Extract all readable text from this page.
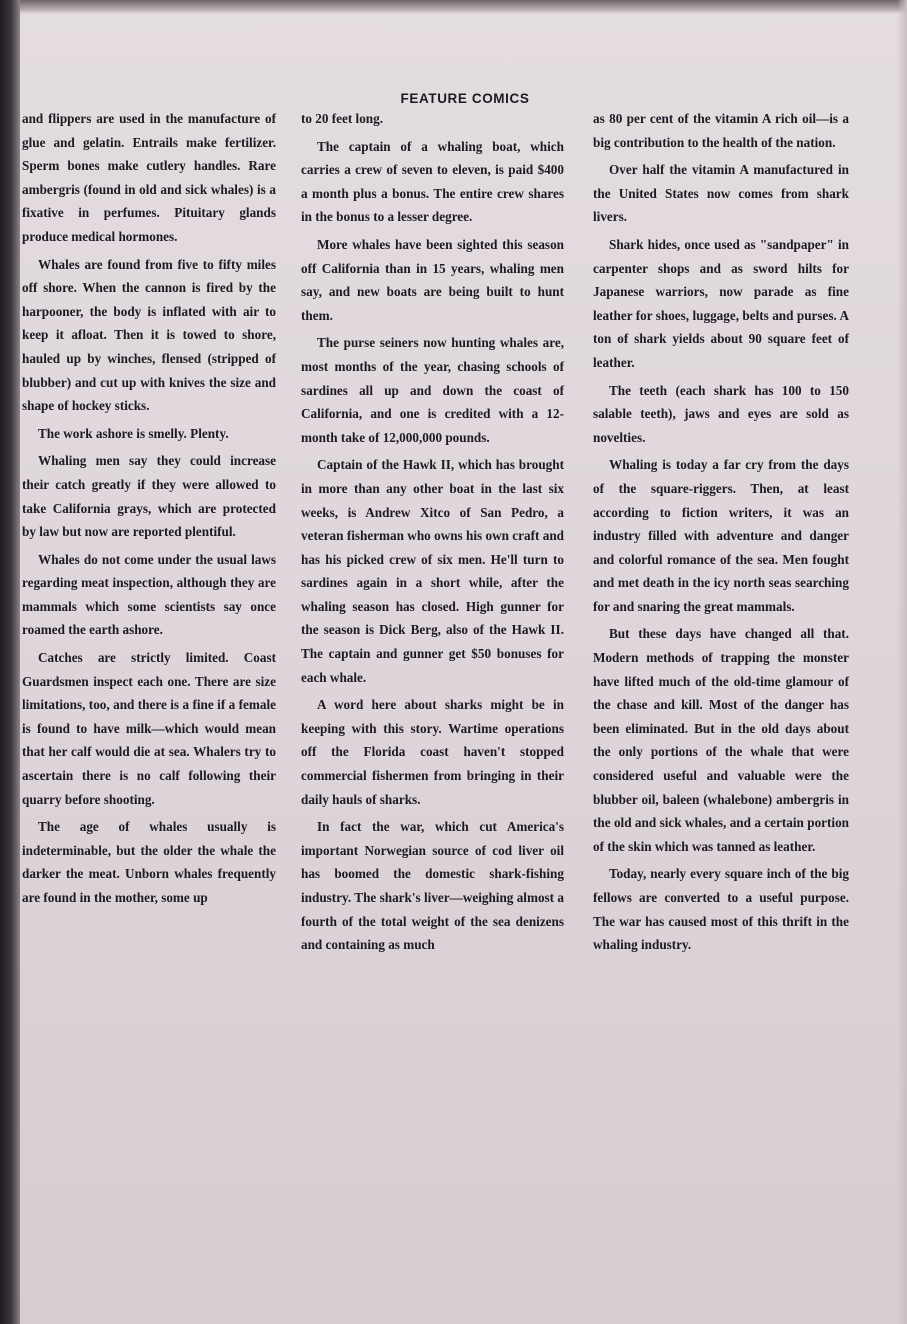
FEATURE COMICS

and flippers are used in the manufacture of glue and gelatin. Entrails make fertilizer. Sperm bones make cutlery handles. Rare ambergris (found in old and sick whales) is a fixative in perfumes. Pituitary glands produce medical hormones.

Whales are found from five to fifty miles off shore. When the cannon is fired by the harpooner, the body is inflated with air to keep it afloat. Then it is towed to shore, hauled up by winches, flensed (stripped of blubber) and cut up with knives the size and shape of hockey sticks.

The work ashore is smelly. Plenty.

Whaling men say they could increase their catch greatly if they were allowed to take California grays, which are protected by law but now are reported plentiful.

Whales do not come under the usual laws regarding meat inspection, although they are mammals which some scientists say once roamed the earth ashore.

Catches are strictly limited. Coast Guardsmen inspect each one. There are size limitations, too, and there is a fine if a female is found to have milk—which would mean that her calf would die at sea. Whalers try to ascertain there is no calf following their quarry before shooting.

The age of whales usually is indeterminable, but the older the whale the darker the meat. Unborn whales frequently are found in the mother, some up

to 20 feet long.

The captain of a whaling boat, which carries a crew of seven to eleven, is paid $400 a month plus a bonus. The entire crew shares in the bonus to a lesser degree.

More whales have been sighted this season off California than in 15 years, whaling men say, and new boats are being built to hunt them.

The purse seiners now hunting whales are, most months of the year, chasing schools of sardines all up and down the coast of California, and one is credited with a 12-month take of 12,000,000 pounds.

Captain of the Hawk II, which has brought in more than any other boat in the last six weeks, is Andrew Xitco of San Pedro, a veteran fisherman who owns his own craft and has his picked crew of six men. He'll turn to sardines again in a short while, after the whaling season has closed. High gunner for the season is Dick Berg, also of the Hawk II. The captain and gunner get $50 bonuses for each whale.

A word here about sharks might be in keeping with this story. Wartime operations off the Florida coast haven't stopped commercial fishermen from bringing in their daily hauls of sharks.

In fact the war, which cut America's important Norwegian source of cod liver oil has boomed the domestic shark-fishing industry. The shark's liver—weighing almost a fourth of the total weight of the sea denizens and containing as much

as 80 per cent of the vitamin A rich oil—is a big contribution to the health of the nation.

Over half the vitamin A manufactured in the United States now comes from shark livers.

Shark hides, once used as "sandpaper" in carpenter shops and as sword hilts for Japanese warriors, now parade as fine leather for shoes, luggage, belts and purses. A ton of shark yields about 90 square feet of leather.

The teeth (each shark has 100 to 150 salable teeth), jaws and eyes are sold as novelties.

Whaling is today a far cry from the days of the square-riggers. Then, at least according to fiction writers, it was an industry filled with adventure and danger and colorful romance of the sea. Men fought and met death in the icy north seas searching for and snaring the great mammals.

But these days have changed all that. Modern methods of trapping the monster have lifted much of the old-time glamour of the chase and kill. Most of the danger has been eliminated. But in the old days about the only portions of the whale that were considered useful and valuable were the blubber oil, baleen (whalebone) ambergris in the old and sick whales, and a certain portion of the skin which was tanned as leather.

Today, nearly every square inch of the big fellows are converted to a useful purpose. The war has caused most of this thrift in the whaling industry.
